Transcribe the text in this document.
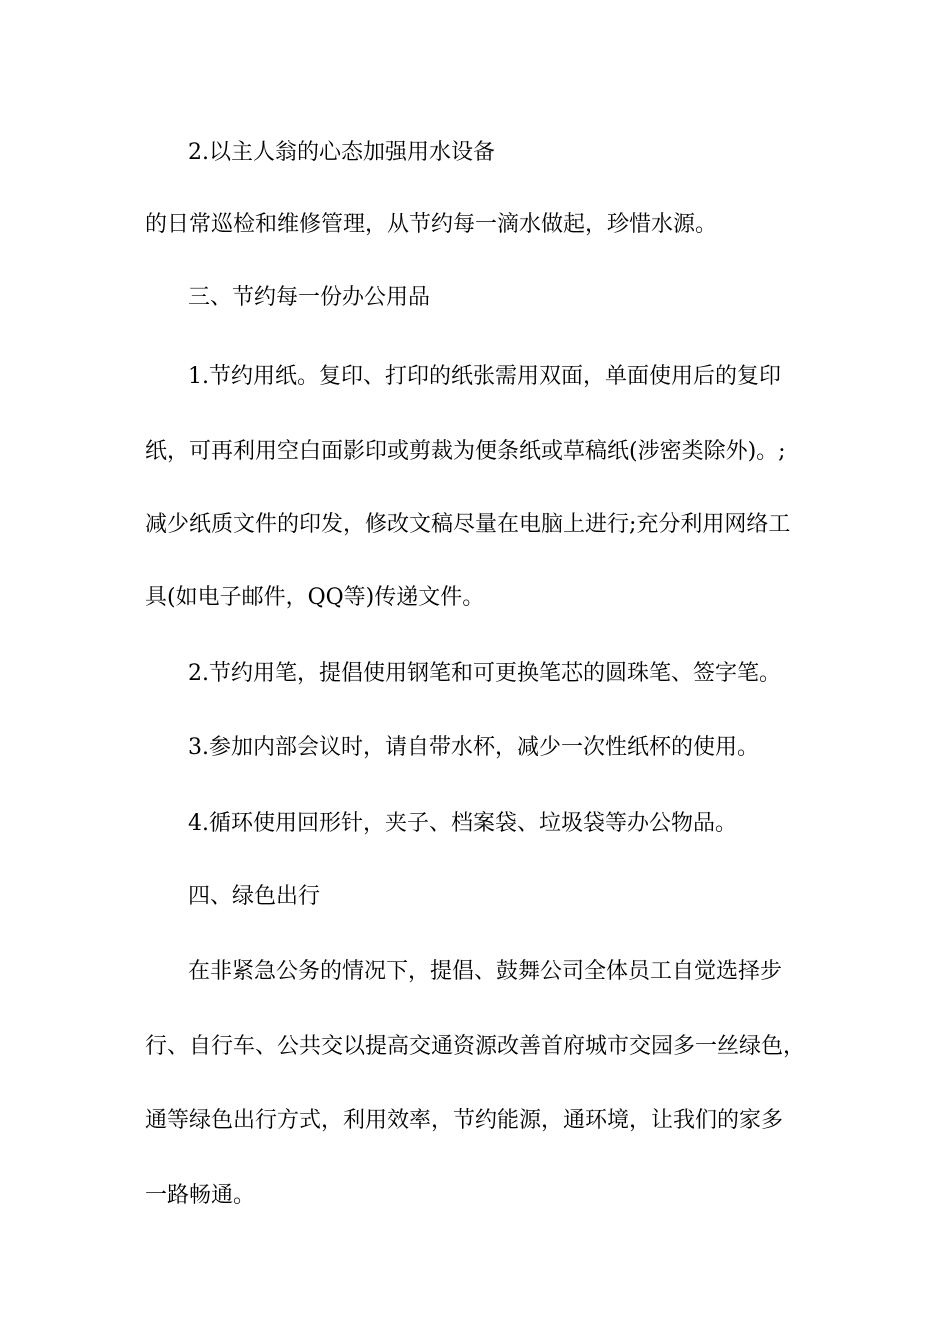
2.以主人翁的心态加强用水设备
的日常巡检和维修管理，从节约每一滴水做起，珍惜水源。
三、节约每一份办公用品
1.节约用纸。复印、打印的纸张需用双面，单面使用后的复印
纸，可再利用空白面影印或剪裁为便条纸或草稿纸(涉密类除外)。;
减少纸质文件的印发，修改文稿尽量在电脑上进行;充分利用网络工
具(如电子邮件，QQ等)传递文件。
2.节约用笔，提倡使用钢笔和可更换笔芯的圆珠笔、签字笔。
3.参加内部会议时，请自带水杯，减少一次性纸杯的使用。
4.循环使用回形针，夹子、档案袋、垃圾袋等办公物品。
四、绿色出行
在非紧急公务的情况下，提倡、鼓舞公司全体员工自觉选择步
行、自行车、公共交以提高交通资源改善首府城市交园多一丝绿色，
通等绿色出行方式，利用效率，节约能源，通环境，让我们的家多
一路畅通。
